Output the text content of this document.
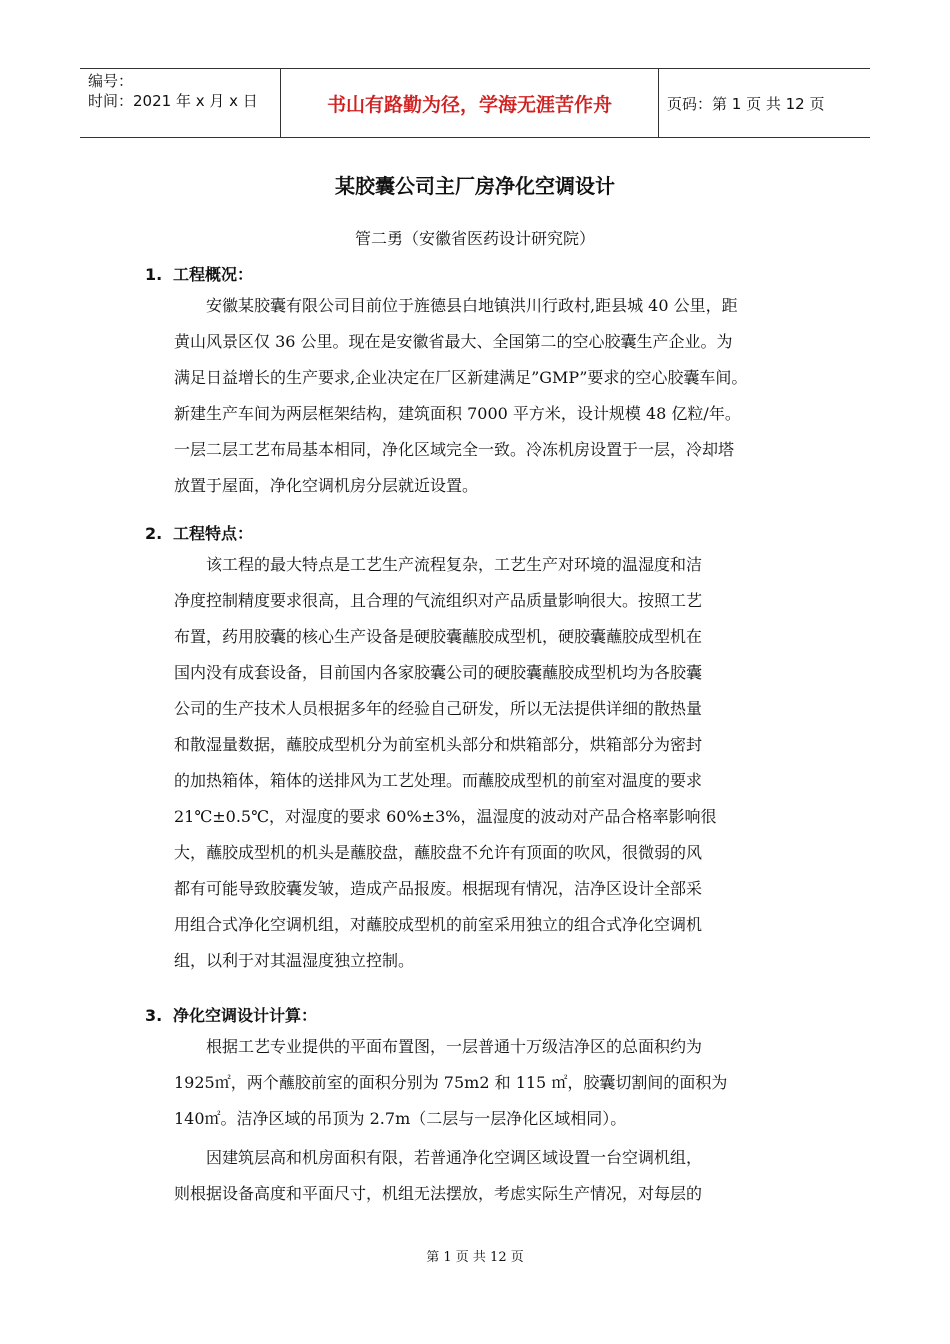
编号：
时间：2021 年 x 月 x 日	书山有路勤为径，学海无涯苦作舟	页码：第 1 页 共 12 页
某胶囊公司主厂房净化空调设计
管二勇（安徽省医药设计研究院）
1. 工程概况：
　　安徽某胶囊有限公司目前位于旌德县白地镇洪川行政村,距县城 40 公里，距
黄山风景区仅 36 公里。现在是安徽省最大、全国第二的空心胶囊生产企业。为
满足日益增长的生产要求,企业决定在厂区新建满足”GMP”要求的空心胶囊车间。
新建生产车间为两层框架结构，建筑面积 7000 平方米，设计规模 48 亿粒/年。
一层二层工艺布局基本相同，净化区域完全一致。冷冻机房设置于一层，冷却塔
放置于屋面，净化空调机房分层就近设置。
2. 工程特点：
　　该工程的最大特点是工艺生产流程复杂，工艺生产对环境的温湿度和洁
净度控制精度要求很高，且合理的气流组织对产品质量影响很大。按照工艺
布置，药用胶囊的核心生产设备是硬胶囊蘸胶成型机，硬胶囊蘸胶成型机在
国内没有成套设备，目前国内各家胶囊公司的硬胶囊蘸胶成型机均为各胶囊
公司的生产技术人员根据多年的经验自己研发，所以无法提供详细的散热量
和散湿量数据，蘸胶成型机分为前室机头部分和烘箱部分，烘箱部分为密封
的加热箱体，箱体的送排风为工艺处理。而蘸胶成型机的前室对温度的要求
21℃±0.5℃，对湿度的要求 60%±3%，温湿度的波动对产品合格率影响很
大，蘸胶成型机的机头是蘸胶盘，蘸胶盘不允许有顶面的吹风，很微弱的风
都有可能导致胶囊发皱，造成产品报废。根据现有情况，洁净区设计全部采
用组合式净化空调机组，对蘸胶成型机的前室采用独立的组合式净化空调机
组，以利于对其温湿度独立控制。
3. 净化空调设计计算：
　　根据工艺专业提供的平面布置图，一层普通十万级洁净区的总面积约为
1925㎡，两个蘸胶前室的面积分别为 75m2 和 115 ㎡，胶囊切割间的面积为
140㎡。洁净区域的吊顶为 2.7m（二层与一层净化区域相同）。
　　因建筑层高和机房面积有限，若普通净化空调区域设置一台空调机组，
则根据设备高度和平面尺寸，机组无法摆放，考虑实际生产情况，对每层的
第 1 页 共 12 页
